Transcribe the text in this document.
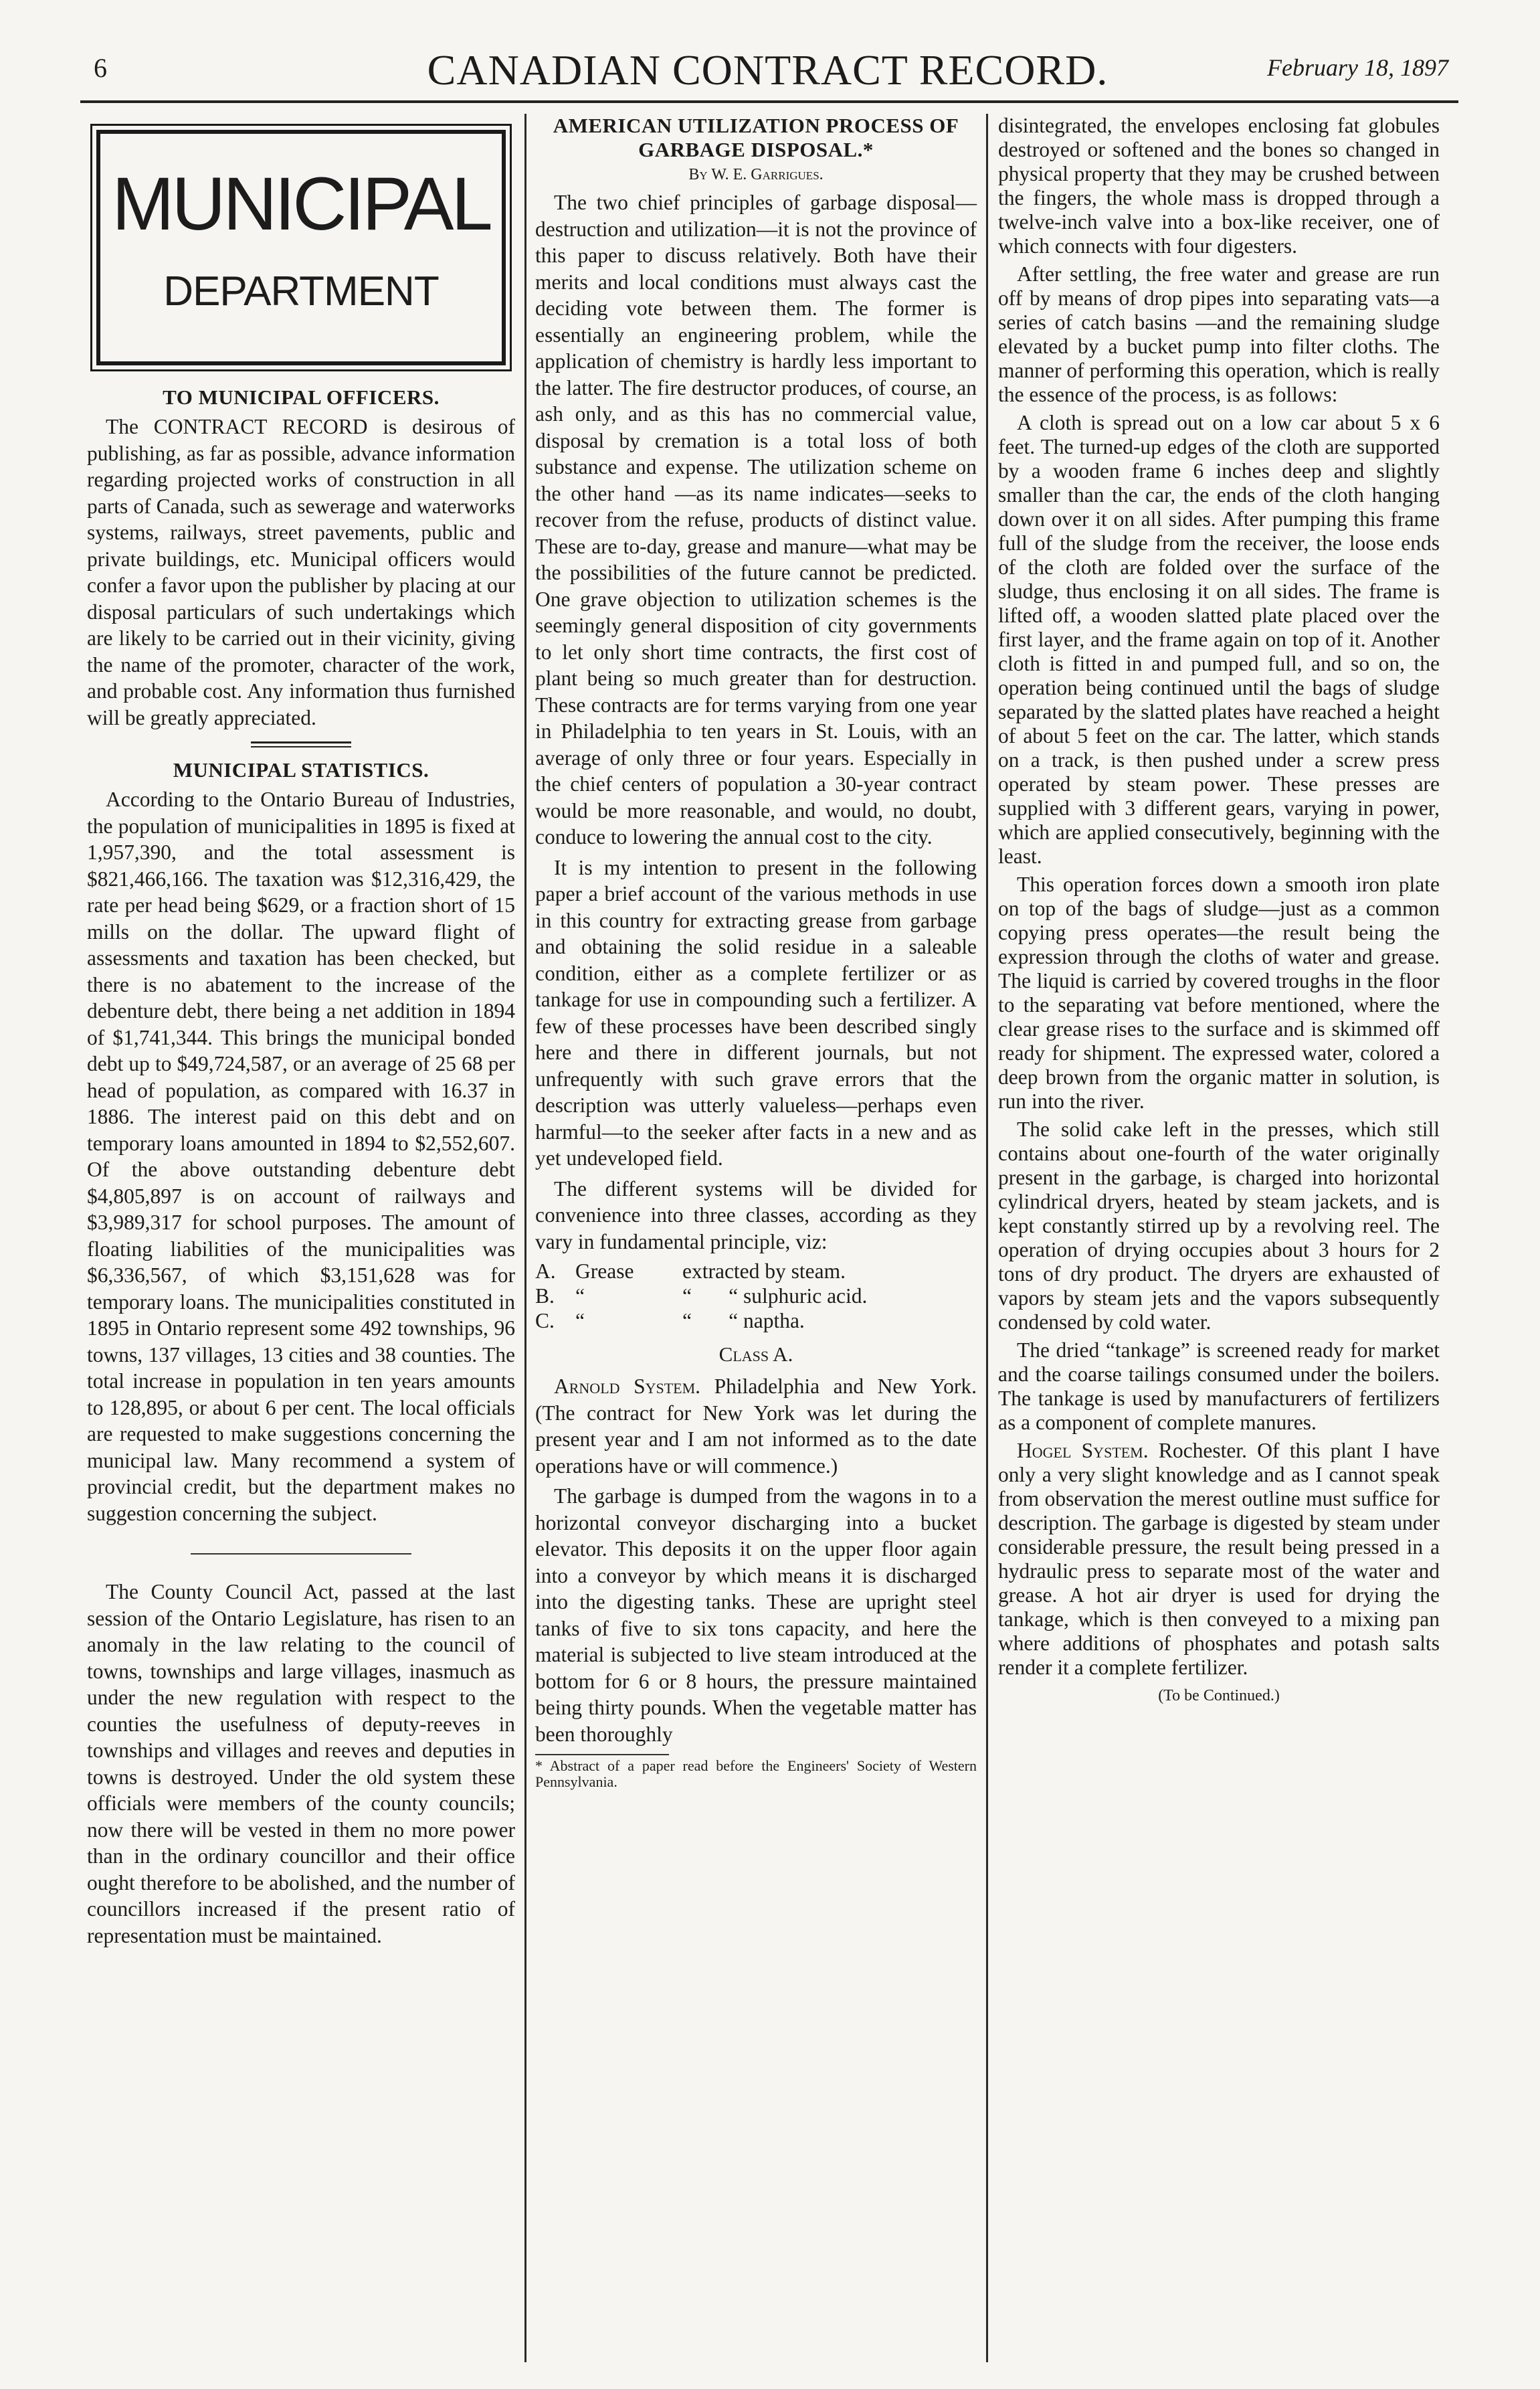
6	CANADIAN CONTRACT RECORD.	February 18, 1897
MUNICIPAL
DEPARTMENT
TO MUNICIPAL OFFICERS.

The CONTRACT RECORD is desirous of publishing, as far as possible, advance information regarding projected works of construction in all parts of Canada, such as sewerage and waterworks systems, railways, street pavements, public and private buildings, etc. Municipal officers would confer a favor upon the publisher by placing at our disposal particulars of such undertakings which are likely to be carried out in their vicinity, giving the name of the promoter, character of the work, and probable cost. Any information thus furnished will be greatly appreciated.

MUNICIPAL STATISTICS.

According to the Ontario Bureau of Industries, the population of municipalities in 1895 is fixed at 1,957,390, and the total assessment is $821,466,166. The taxation was $12,316,429, the rate per head being $629, or a fraction short of 15 mills on the dollar. The upward flight of assessments and taxation has been checked, but there is no abatement to the increase of the debenture debt, there being a net addition in 1894 of $1,741,344. This brings the municipal bonded debt up to $49,724,587, or an average of 25 68 per head of population, as compared with 16.37 in 1886. The interest paid on this debt and on temporary loans amounted in 1894 to $2,552,607. Of the above outstanding debenture debt $4,805,897 is on account of railways and $3,989,317 for school purposes. The amount of floating liabilities of the municipalities was $6,336,567, of which $3,151,628 was for temporary loans. The municipalities constituted in 1895 in Ontario represent some 492 townships, 96 towns, 137 villages, 13 cities and 38 counties. The total increase in population in ten years amounts to 128,895, or about 6 per cent. The local officials are requested to make suggestions concerning the municipal law. Many recommend a system of provincial credit, but the department makes no suggestion concerning the subject.

The County Council Act, passed at the last session of the Ontario Legislature, has risen to an anomaly in the law relating to the council of towns, townships and large villages, inasmuch as under the new regulation with respect to the counties the usefulness of deputy-reeves in townships and villages and reeves and deputies in towns is destroyed. Under the old system these officials were members of the county councils; now there will be vested in them no more power than in the ordinary councillor and their office ought therefore to be abolished, and the number of councillors increased if the present ratio of representation must be maintained.

AMERICAN UTILIZATION PROCESS OF GARBAGE DISPOSAL.*
By W. E. Garrigues.

The two chief principles of garbage disposal—destruction and utilization—it is not the province of this paper to discuss relatively. Both have their merits and local conditions must always cast the deciding vote between them. The former is essentially an engineering problem, while the application of chemistry is hardly less important to the latter. The fire destructor produces, of course, an ash only, and as this has no commercial value, disposal by cremation is a total loss of both substance and expense. The utilization scheme on the other hand —as its name indicates—seeks to recover from the refuse, products of distinct value. These are to-day, grease and manure—what may be the possibilities of the future cannot be predicted. One grave objection to utilization schemes is the seemingly general disposition of city governments to let only short time contracts, the first cost of plant being so much greater than for destruction. These contracts are for terms varying from one year in Philadelphia to ten years in St. Louis, with an average of only three or four years. Especially in the chief centers of population a 30-year contract would be more reasonable, and would, no doubt, conduce to lowering the annual cost to the city.

It is my intention to present in the following paper a brief account of the various methods in use in this country for extracting grease from garbage and obtaining the solid residue in a saleable condition, either as a complete fertilizer or as tankage for use in compounding such a fertilizer. A few of these processes have been described singly here and there in different journals, but not unfrequently with such grave errors that the description was utterly valueless—perhaps even harmful—to the seeker after facts in a new and as yet undeveloped field.

The different systems will be divided for convenience into three classes, according as they vary in fundamental principle, viz:

A. Grease	extracted by steam.
B. “	“       “ sulphuric acid.
C. “	“       “ naptha.
Class A.

Arnold System. Philadelphia and New York. (The contract for New York was let during the present year and I am not informed as to the date operations have or will commence.)

The garbage is dumped from the wagons in to a horizontal conveyor discharging into a bucket elevator. This deposits it on the upper floor again into a conveyor by which means it is discharged into the digesting tanks. These are upright steel tanks of five to six tons capacity, and here the material is subjected to live steam introduced at the bottom for 6 or 8 hours, the pressure maintained being thirty pounds. When the vegetable matter has been thoroughly

* Abstract of a paper read before the Engineers' Society of Western Pennsylvania.

disintegrated, the envelopes enclosing fat globules destroyed or softened and the bones so changed in physical property that they may be crushed between the fingers, the whole mass is dropped through a twelve-inch valve into a box-like receiver, one of which connects with four digesters.

After settling, the free water and grease are run off by means of drop pipes into separating vats—a series of catch basins —and the remaining sludge elevated by a bucket pump into filter cloths. The manner of performing this operation, which is really the essence of the process, is as follows:

A cloth is spread out on a low car about 5 x 6 feet. The turned-up edges of the cloth are supported by a wooden frame 6 inches deep and slightly smaller than the car, the ends of the cloth hanging down over it on all sides. After pumping this frame full of the sludge from the receiver, the loose ends of the cloth are folded over the surface of the sludge, thus enclosing it on all sides. The frame is lifted off, a wooden slatted plate placed over the first layer, and the frame again on top of it. Another cloth is fitted in and pumped full, and so on, the operation being continued until the bags of sludge separated by the slatted plates have reached a height of about 5 feet on the car. The latter, which stands on a track, is then pushed under a screw press operated by steam power. These presses are supplied with 3 different gears, varying in power, which are applied consecutively, beginning with the least.

This operation forces down a smooth iron plate on top of the bags of sludge—just as a common copying press operates—the result being the expression through the cloths of water and grease. The liquid is carried by covered troughs in the floor to the separating vat before mentioned, where the clear grease rises to the surface and is skimmed off ready for shipment. The expressed water, colored a deep brown from the organic matter in solution, is run into the river.

The solid cake left in the presses, which still contains about one-fourth of the water originally present in the garbage, is charged into horizontal cylindrical dryers, heated by steam jackets, and is kept constantly stirred up by a revolving reel. The operation of drying occupies about 3 hours for 2 tons of dry product. The dryers are exhausted of vapors by steam jets and the vapors subsequently condensed by cold water.

The dried “tankage” is screened ready for market and the coarse tailings consumed under the boilers. The tankage is used by manufacturers of fertilizers as a component of complete manures.

Hogel System. Rochester. Of this plant I have only a very slight knowledge and as I cannot speak from observation the merest outline must suffice for description. The garbage is digested by steam under considerable pressure, the result being pressed in a hydraulic press to separate most of the water and grease. A hot air dryer is used for drying the tankage, which is then conveyed to a mixing pan where additions of phosphates and potash salts render it a complete fertilizer.

(To be Continued.)
